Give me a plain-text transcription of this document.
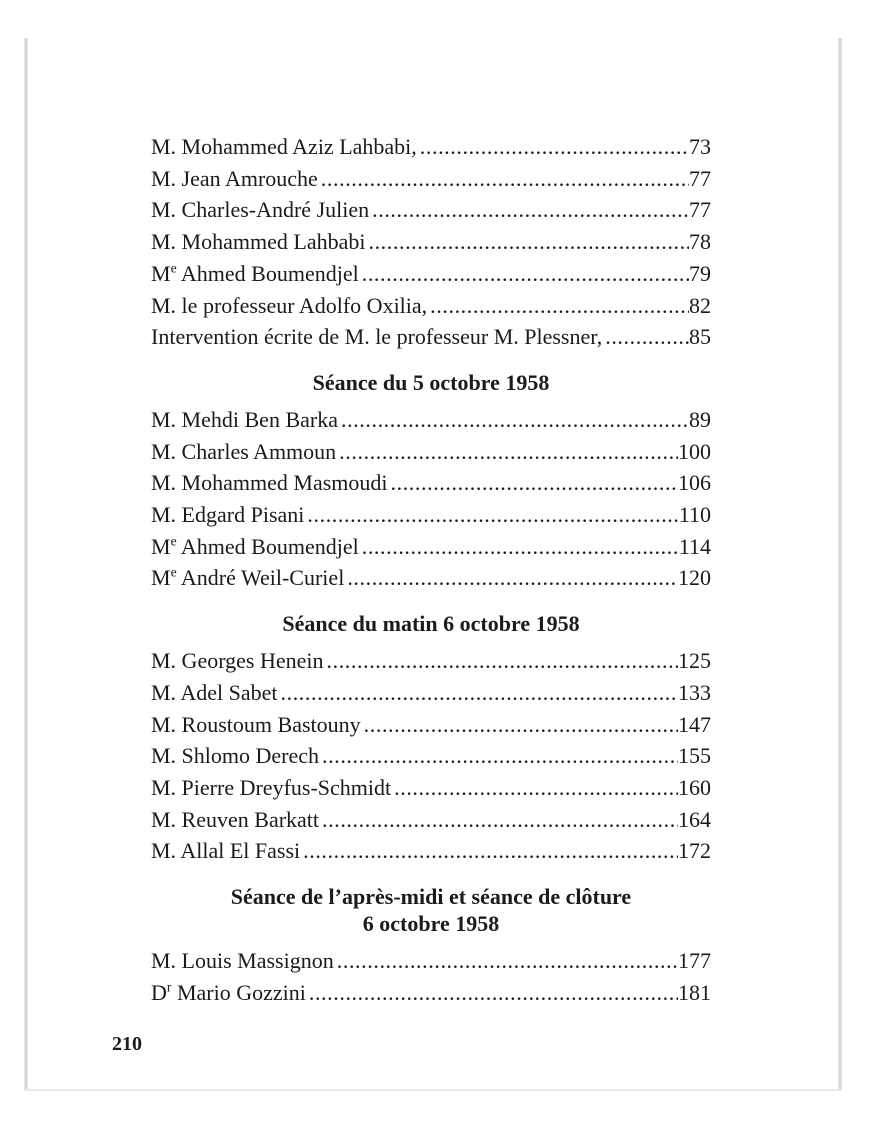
M. Mohammed Aziz Lahbabi, .....	73
M. Jean Amrouche .....	77
M. Charles-André Julien .....	77
M. Mohammed Lahbabi .....	78
Me Ahmed Boumendjel .....	79
M. le professeur Adolfo Oxilia, .....	82
Intervention écrite de M. le professeur M. Plessner, .....	85
Séance du 5 octobre 1958
M. Mehdi Ben Barka .....	89
M. Charles Ammoun .....	100
M. Mohammed Masmoudi .....	106
M. Edgard Pisani .....	110
Me Ahmed Boumendjel .....	114
Me André Weil-Curiel .....	120
Séance du matin 6 octobre 1958
M. Georges Henein .....	125
M. Adel Sabet .....	133
M. Roustoum Bastouny .....	147
M. Shlomo Derech .....	155
M. Pierre Dreyfus-Schmidt .....	160
M. Reuven Barkatt .....	164
M. Allal El Fassi .....	172
Séance de l’après-midi et séance de clôture
6 octobre 1958
M. Louis Massignon .....	177
$D^r$ Mario Gozzini .....	181
210
